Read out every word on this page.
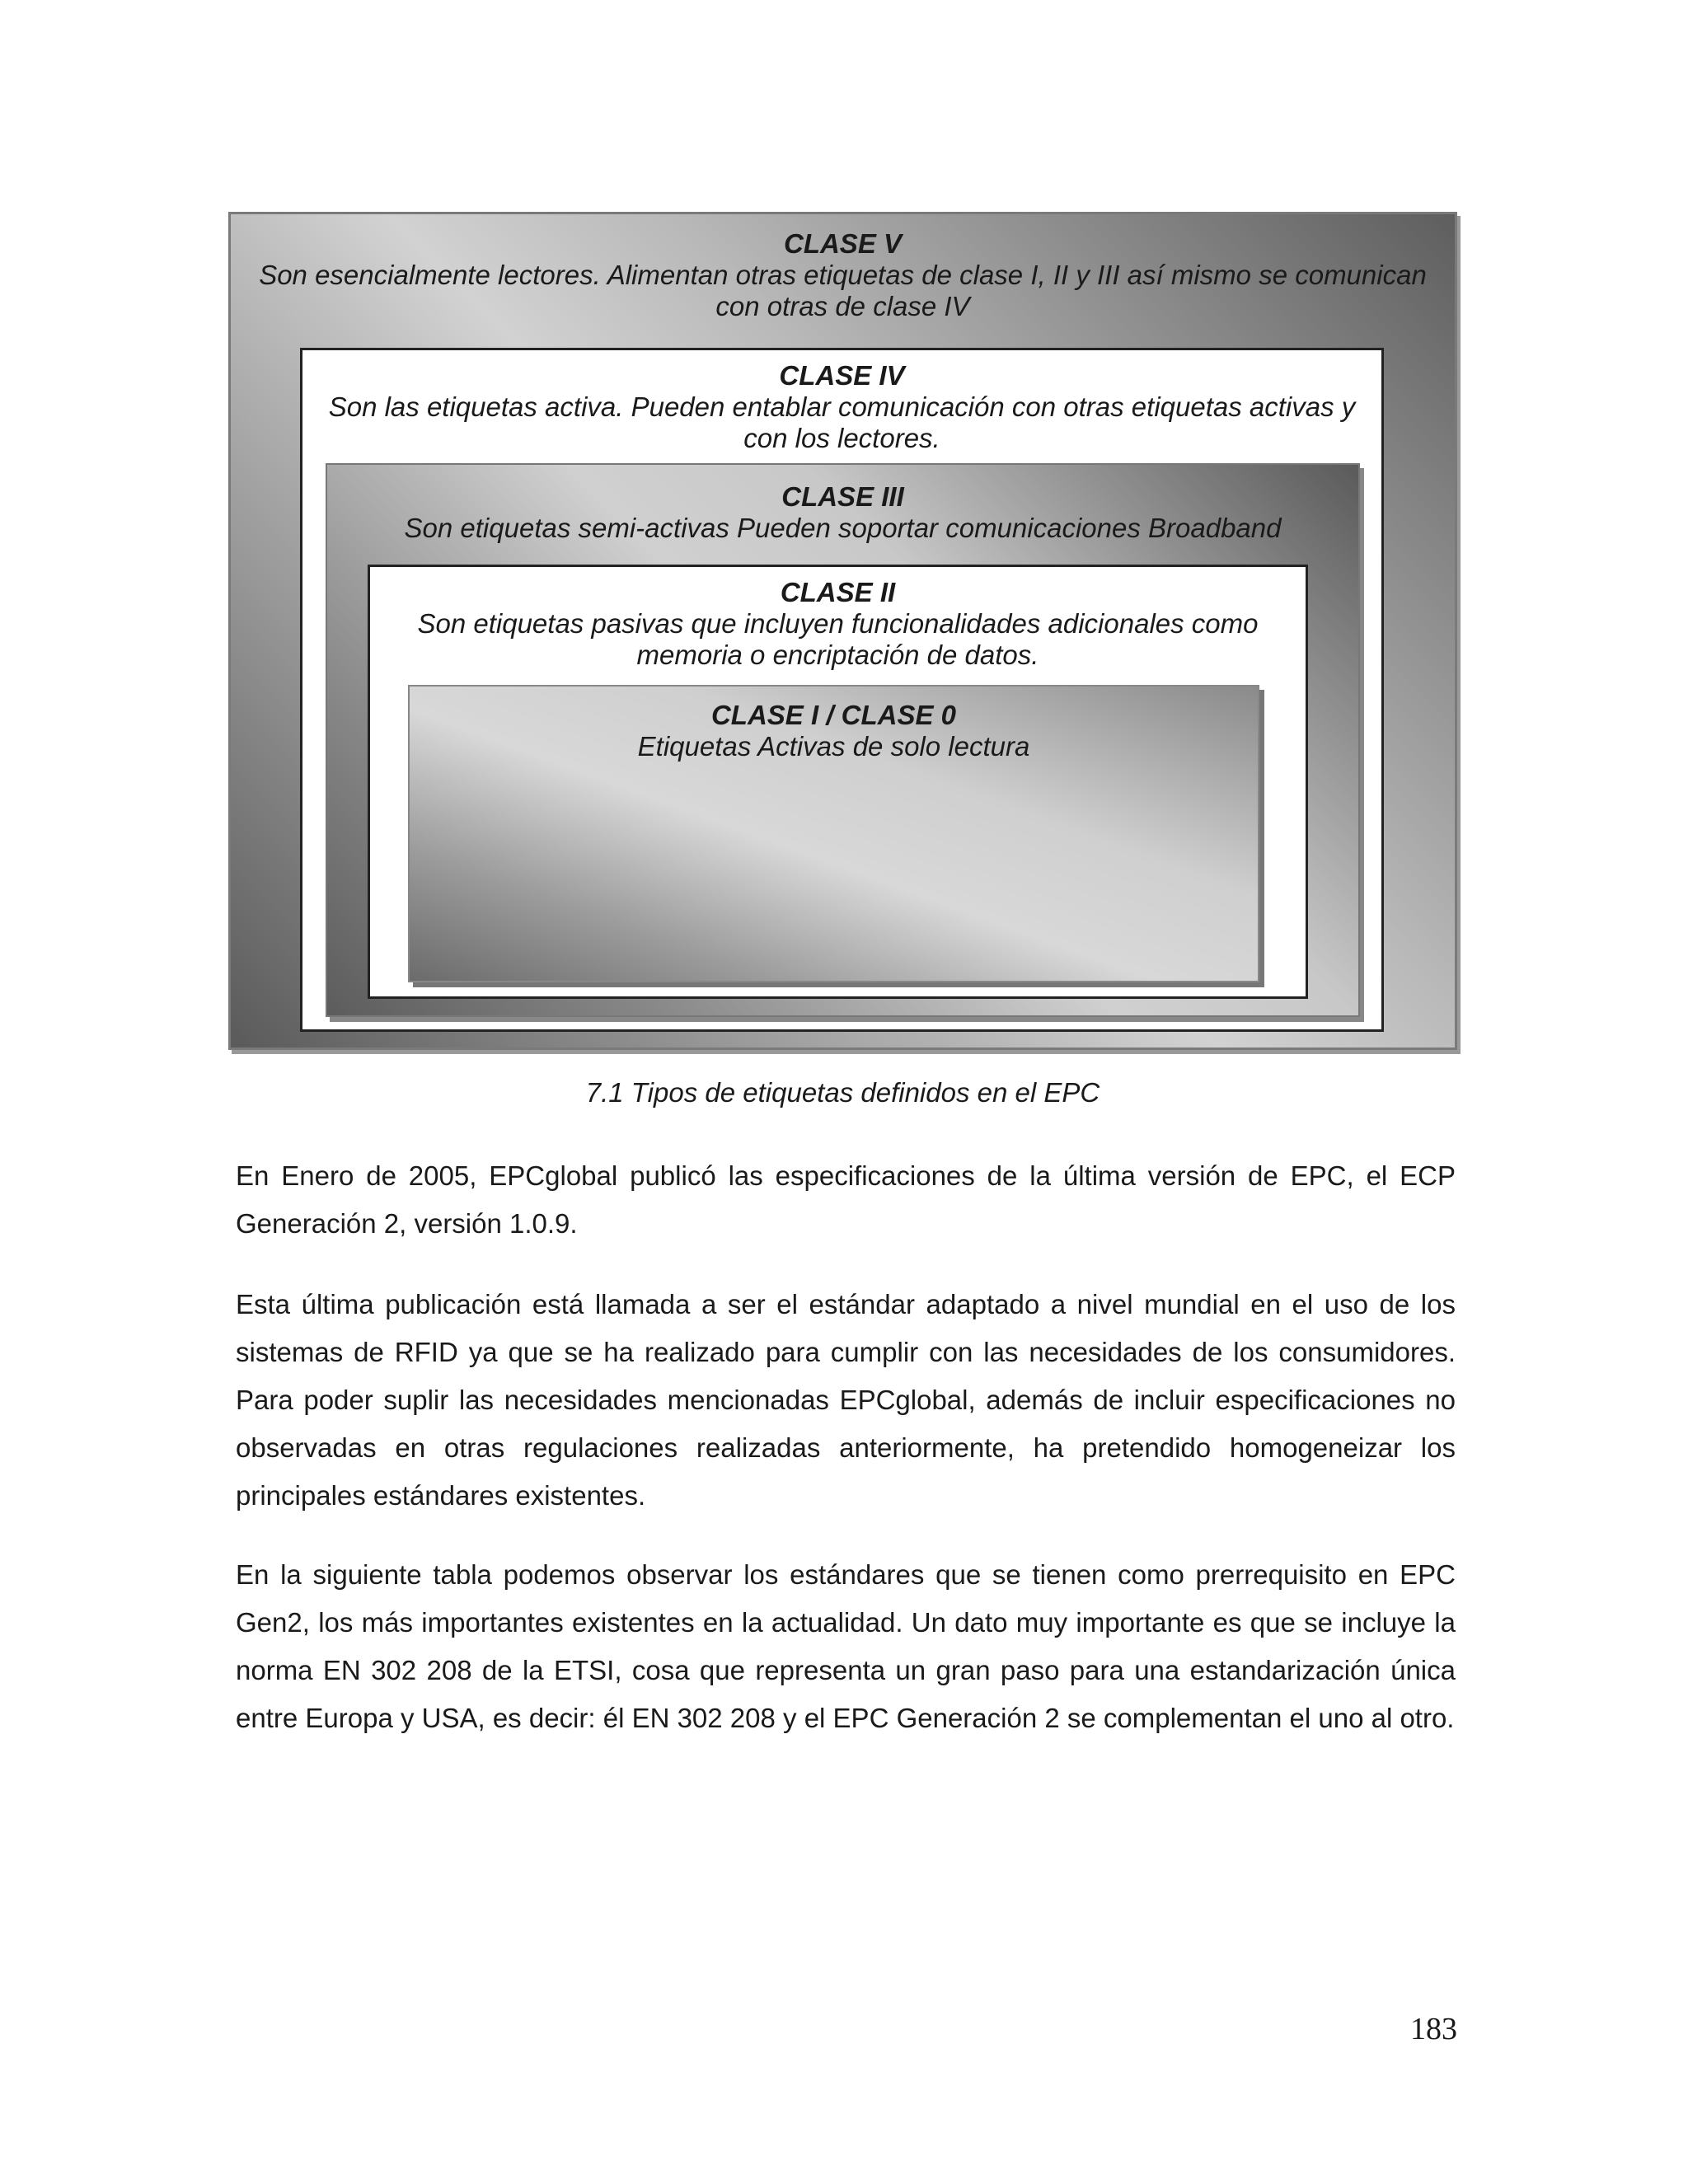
CLASE V

Son esencialmente lectores. Alimentan otras etiquetas de clase I, II y III así mismo se comunican con otras de clase IV

CLASE IV

Son las etiquetas activa. Pueden entablar comunicación con otras etiquetas activas y con los lectores.

CLASE III

Son etiquetas semi-activas Pueden soportar comunicaciones Broadband

CLASE II

Son etiquetas pasivas que incluyen funcionalidades adicionales como memoria o encriptación de datos.

CLASE I / CLASE 0

Etiquetas Activas de solo lectura

7.1 Tipos de etiquetas definidos en el EPC

En Enero de 2005, EPCglobal publicó las especificaciones de la última versión de EPC, el ECP Generación 2, versión 1.0.9.

Esta última publicación está llamada a ser el estándar adaptado a nivel mundial en el uso de los sistemas de RFID ya que se ha realizado para cumplir con las necesidades de los consumidores. Para poder suplir las necesidades mencionadas EPCglobal, además de incluir especificaciones no observadas en otras regulaciones realizadas anteriormente, ha pretendido homogeneizar los principales estándares existentes.

En la siguiente tabla podemos observar los estándares que se tienen como prerrequisito en EPC Gen2, los más importantes existentes en la actualidad. Un dato muy importante es que se incluye la norma EN 302 208 de la ETSI, cosa que representa un gran paso para una estandarización única entre Europa y USA, es decir: él EN 302 208 y el EPC Generación 2 se complementan el uno al otro.

183
